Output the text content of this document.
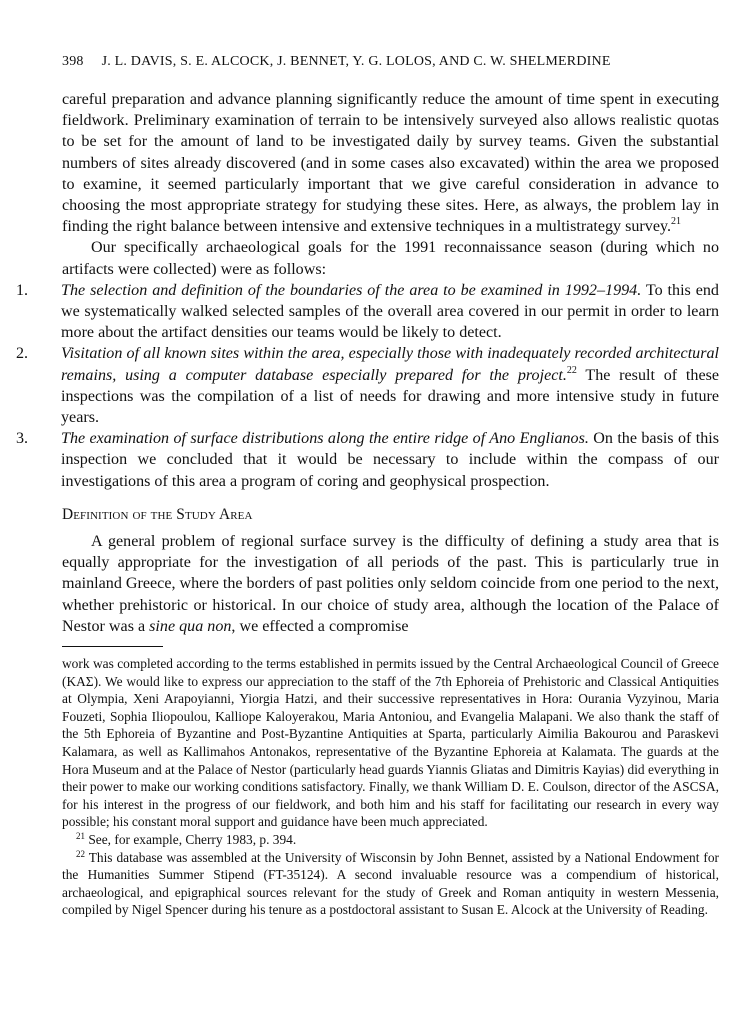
398 J. L. DAVIS, S. E. ALCOCK, J. BENNET, Y. G. LOLOS, AND C. W. SHELMERDINE

careful preparation and advance planning significantly reduce the amount of time spent in executing fieldwork. Preliminary examination of terrain to be intensively surveyed also allows realistic quotas to be set for the amount of land to be investigated daily by survey teams. Given the substantial numbers of sites already discovered (and in some cases also excavated) within the area we proposed to examine, it seemed particularly important that we give careful consideration in advance to choosing the most appropriate strategy for studying these sites. Here, as always, the problem lay in finding the right balance between intensive and extensive techniques in a multistrategy survey.$^{21}$

Our specifically archaeological goals for the 1991 reconnaissance season (during which no artifacts were collected) were as follows:

1. The selection and definition of the boundaries of the area to be examined in 1992–1994. To this end we systematically walked selected samples of the overall area covered in our permit in order to learn more about the artifact densities our teams would be likely to detect.
2. Visitation of all known sites within the area, especially those with inadequately recorded architectural remains, using a computer database especially prepared for the project.$^{22}$ The result of these inspections was the compilation of a list of needs for drawing and more intensive study in future years.
3. The examination of surface distributions along the entire ridge of Ano Englianos. On the basis of this inspection we concluded that it would be necessary to include within the compass of our investigations of this area a program of coring and geophysical prospection.
Definition of the Study Area

A general problem of regional surface survey is the difficulty of defining a study area that is equally appropriate for the investigation of all periods of the past. This is particularly true in mainland Greece, where the borders of past polities only seldom coincide from one period to the next, whether prehistoric or historical. In our choice of study area, although the location of the Palace of Nestor was a sine qua non, we effected a compromise

work was completed according to the terms established in permits issued by the Central Archaeological Council of Greece (ΚΑΣ). We would like to express our appreciation to the staff of the 7th Ephoreia of Prehistoric and Classical Antiquities at Olympia, Xeni Arapoyianni, Yiorgia Hatzi, and their successive representatives in Hora: Ourania Vyzyinou, Maria Fouzeti, Sophia Iliopoulou, Kalliope Kaloyerakou, Maria Antoniou, and Evangelia Malapani. We also thank the staff of the 5th Ephoreia of Byzantine and Post-Byzantine Antiquities at Sparta, particularly Aimilia Bakourou and Paraskevi Kalamara, as well as Kallimahos Antonakos, representative of the Byzantine Ephoreia at Kalamata. The guards at the Hora Museum and at the Palace of Nestor (particularly head guards Yiannis Gliatas and Dimitris Kayias) did everything in their power to make our working conditions satisfactory. Finally, we thank William D. E. Coulson, director of the ASCSA, for his interest in the progress of our fieldwork, and both him and his staff for facilitating our research in every way possible; his constant moral support and guidance have been much appreciated.

$^{21}$ See, for example, Cherry 1983, p. 394.

$^{22}$ This database was assembled at the University of Wisconsin by John Bennet, assisted by a National Endowment for the Humanities Summer Stipend (FT-35124). A second invaluable resource was a compendium of historical, archaeological, and epigraphical sources relevant for the study of Greek and Roman antiquity in western Messenia, compiled by Nigel Spencer during his tenure as a postdoctoral assistant to Susan E. Alcock at the University of Reading.
